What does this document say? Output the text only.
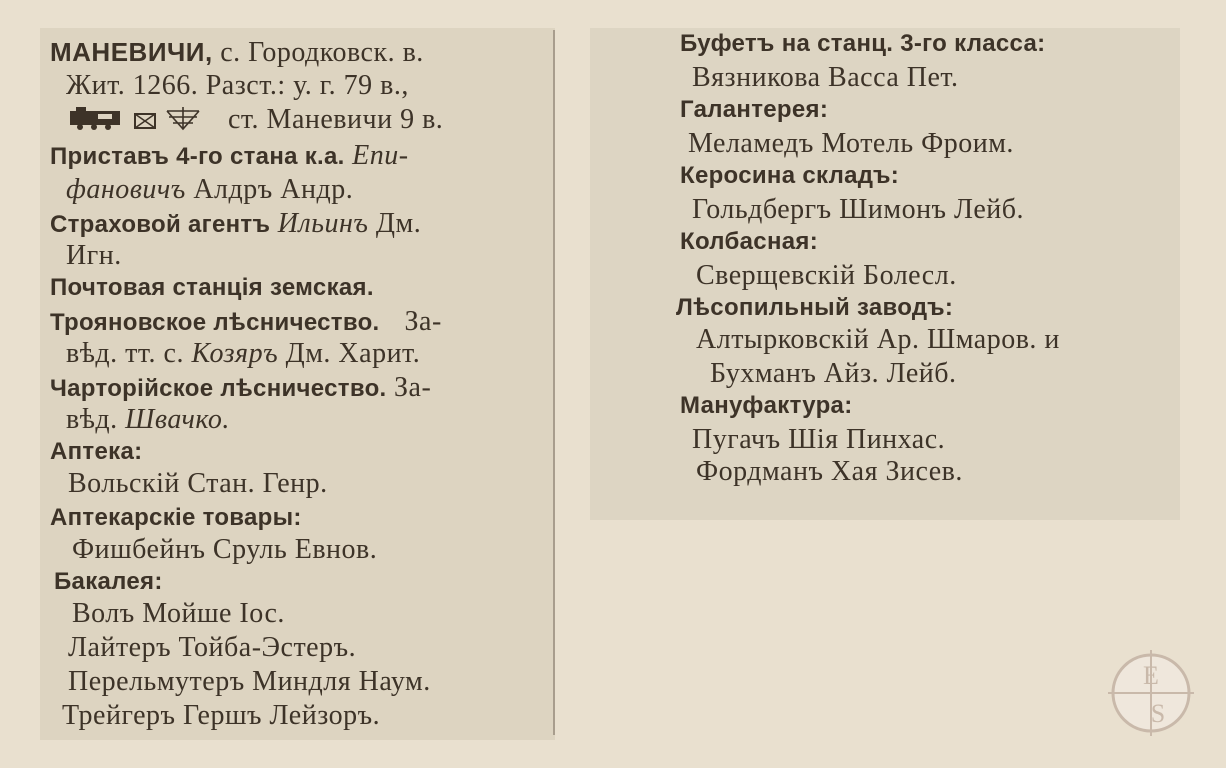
МАНЕВИЧИ, с. Городковск. в.
Жит. 1266. Разст.: у. г. 79 в.,
ст. Маневичи 9 в.
Приставъ 4-го стана к.а. Епи-
фановичъ Алдръ Андр.
Страховой агентъ Ильинъ Дм.
Игн.
Почтовая станція земская.
Трояновское лѣсничество. За-
вѣд. тт. с. Козяръ Дм. Харит.
Чарторійское лѣсничество. За-
вѣд. Швачко.
Аптека:
Вольскій Стан. Генр.
Аптекарскіе товары:
Фишбейнъ Сруль Евнов.
Бакалея:
Волъ Мойше Іос.
Лайтеръ Тойба-Эстеръ.
Перельмутеръ Миндля Наум.
Трейгеръ Гершъ Лейзоръ.
Буфетъ на станц. 3-го класса:
Вязникова Васса Пет.
Галантерея:
Меламедъ Мотель Фроим.
Керосина складъ:
Гольдбергъ Шимонъ Лейб.
Колбасная:
Сверщевскій Болесл.
Лѣсопильный заводъ:
Алтырковскій Ар. Шмаров. и
Бухманъ Айз. Лейб.
Мануфактура:
Пугачъ Шія Пинхас.
Фордманъ Хая Зисев.
E
S
